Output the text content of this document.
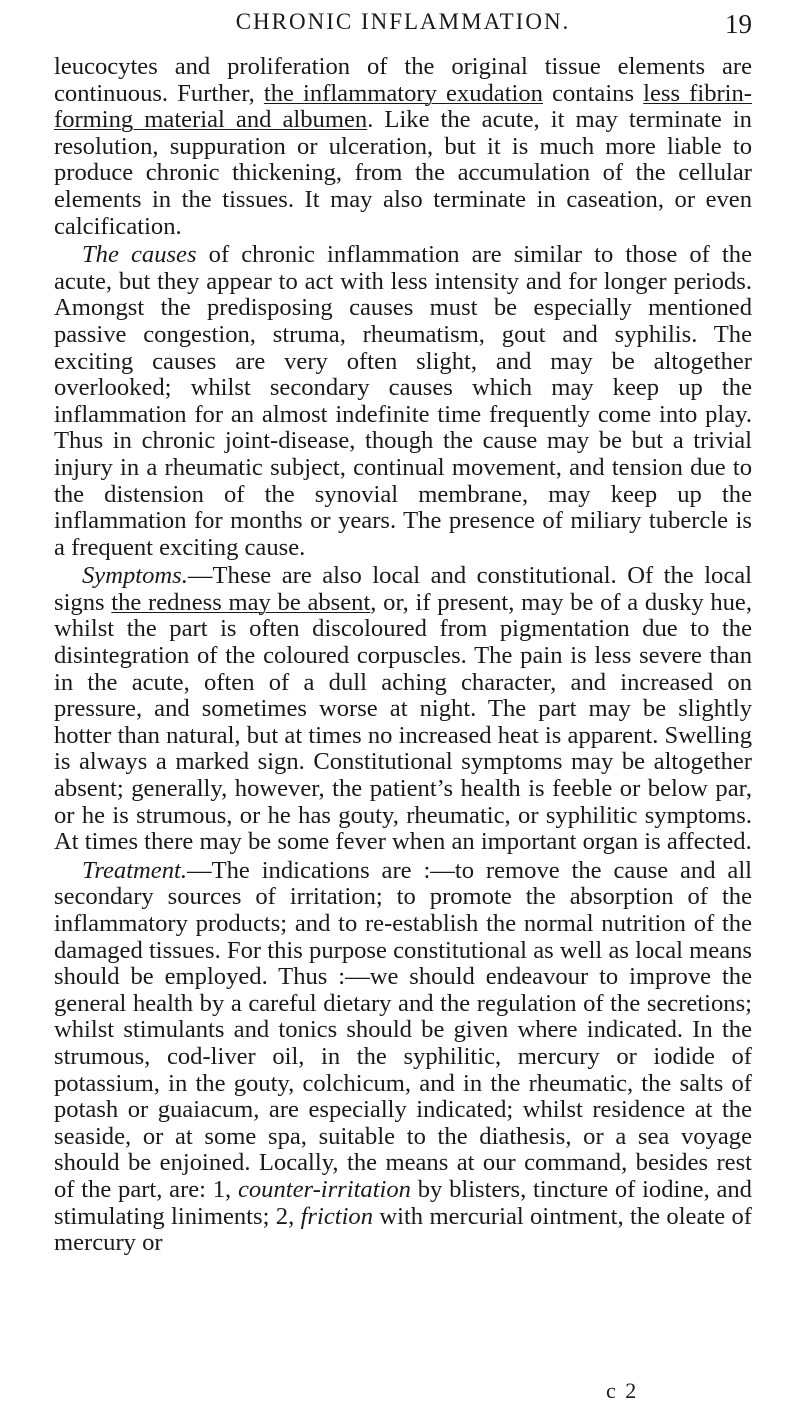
CHRONIC INFLAMMATION.	19

leucocytes and proliferation of the original tissue elements are continuous. Further, the inflammatory exudation contains less fibrin-forming material and albumen. Like the acute, it may terminate in resolution, suppuration or ulceration, but it is much more liable to produce chronic thickening, from the accumulation of the cellular elements in the tissues. It may also terminate in caseation, or even calcification.

The causes of chronic inflammation are similar to those of the acute, but they appear to act with less intensity and for longer periods. Amongst the predisposing causes must be especially mentioned passive congestion, struma, rheumatism, gout and syphilis. The exciting causes are very often slight, and may be altogether overlooked; whilst secondary causes which may keep up the inflammation for an almost indefinite time frequently come into play. Thus in chronic joint-disease, though the cause may be but a trivial injury in a rheumatic subject, continual movement, and tension due to the distension of the synovial membrane, may keep up the inflammation for months or years. The presence of miliary tubercle is a frequent exciting cause.

Symptoms.—These are also local and constitutional. Of the local signs the redness may be absent, or, if present, may be of a dusky hue, whilst the part is often discoloured from pigmentation due to the disintegration of the coloured corpuscles. The pain is less severe than in the acute, often of a dull aching character, and increased on pressure, and sometimes worse at night. The part may be slightly hotter than natural, but at times no increased heat is apparent. Swelling is always a marked sign. Constitutional symptoms may be altogether absent; generally, however, the patient’s health is feeble or below par, or he is strumous, or he has gouty, rheumatic, or syphilitic symptoms. At times there may be some fever when an important organ is affected.

Treatment.—The indications are :—to remove the cause and all secondary sources of irritation; to promote the absorption of the inflammatory products; and to re-establish the normal nutrition of the damaged tissues. For this purpose constitutional as well as local means should be employed. Thus :—we should endeavour to improve the general health by a careful dietary and the regulation of the secretions; whilst stimulants and tonics should be given where indicated. In the strumous, cod-liver oil, in the syphilitic, mercury or iodide of potassium, in the gouty, colchicum, and in the rheumatic, the salts of potash or guaiacum, are especially indicated; whilst residence at the seaside, or at some spa, suitable to the diathesis, or a sea voyage should be enjoined. Locally, the means at our command, besides rest of the part, are: 1, counter-irritation by blisters, tincture of iodine, and stimulating liniments; 2, friction with mercurial ointment, the oleate of mercury or

c 2
